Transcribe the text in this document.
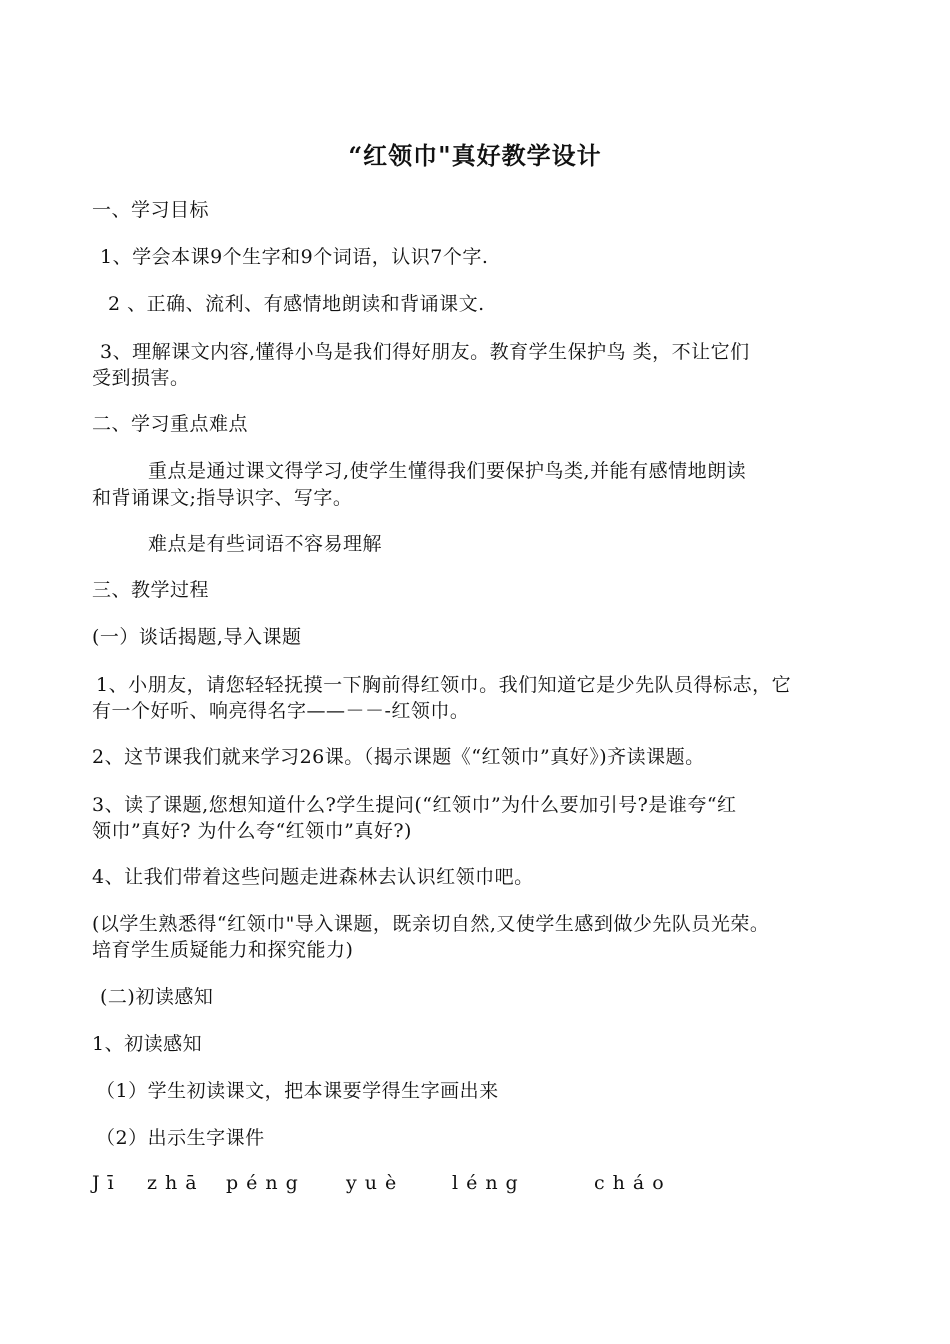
“红领巾"真好教学设计
一、学习目标
1、学会本课9个生字和9个词语，认识7个字.
2 、正确、流利、有感情地朗读和背诵课文.
3、理解课文内容,懂得小鸟是我们得好朋友。教育学生保护鸟 类，不让它们
受到损害。
二、学习重点难点
重点是通过课文得学习,使学生懂得我们要保护鸟类,并能有感情地朗读
和背诵课文;指导识字、写字。
难点是有些词语不容易理解
三、教学过程
(一）谈话揭题,导入课题
1、小朋友，请您轻轻抚摸一下胸前得红领巾。我们知道它是少先队员得标志，它
有一个好听、响亮得名字——－－-红领巾。
2、这节课我们就来学习26课。（揭示课题《“红领巾”真好》)齐读课题。
3、读了课题,您想知道什么?学生提问(“红领巾”为什么要加引号?是谁夸“红
领巾”真好? 为什么夸“红领巾”真好?)
4、让我们带着这些问题走进森林去认识红领巾吧。
(以学生熟悉得“红领巾"导入课题，既亲切自然,又使学生感到做少先队员光荣。
培育学生质疑能力和探究能力)
(二)初读感知
1、初读感知
（1）学生初读课文，把本课要学得生字画出来
（2）出示生字课件
Jī zhā péng yuè	léng	cháo
